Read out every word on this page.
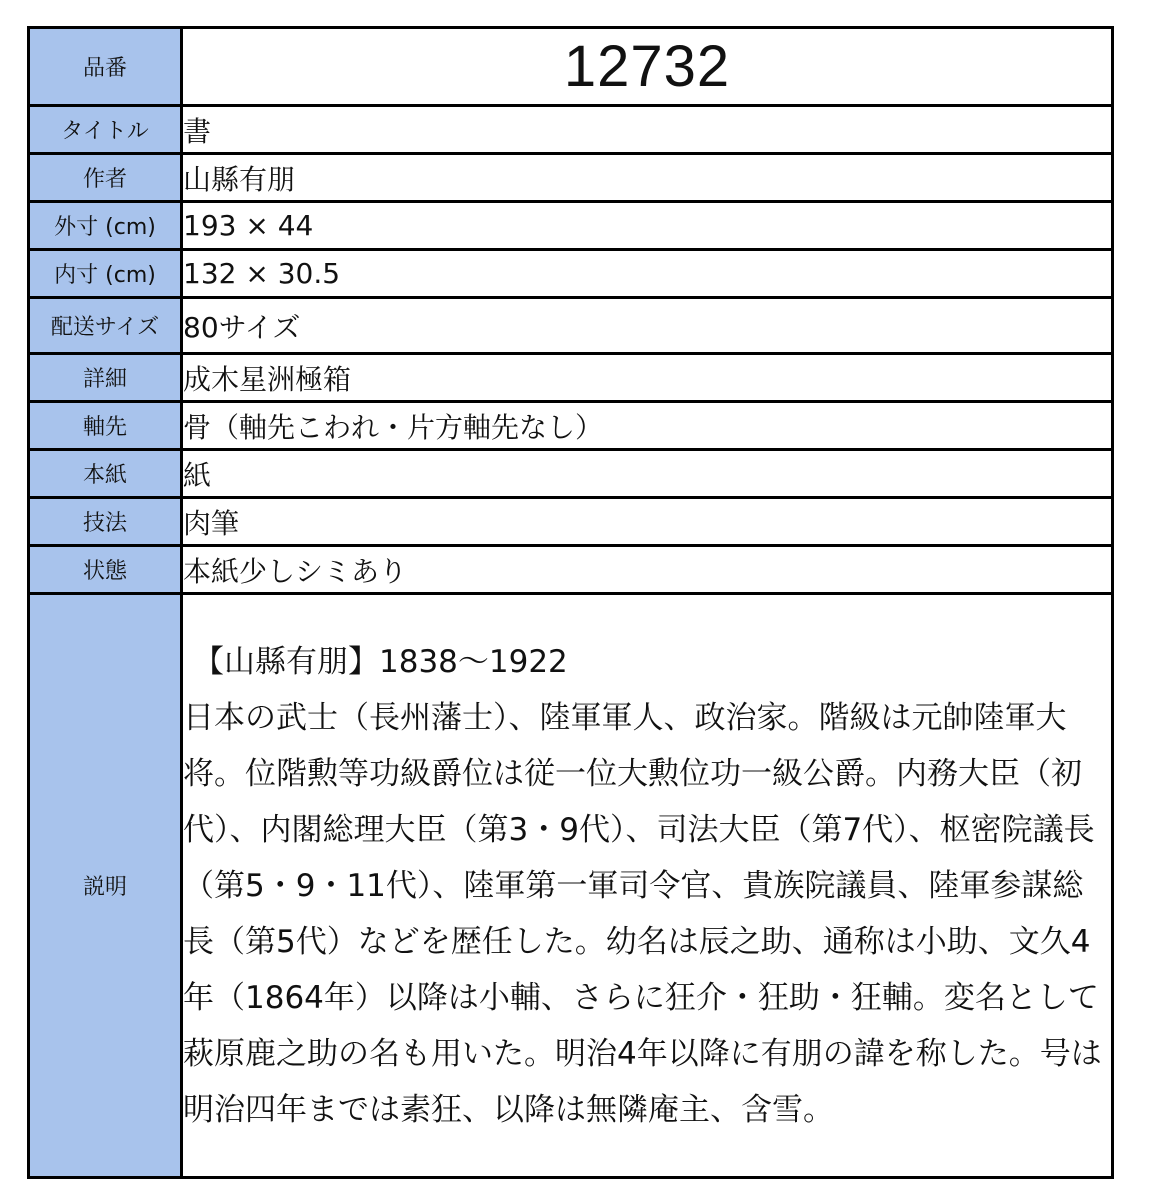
品番	12732
タイトル	書
作者	山縣有朋
外寸 (cm)	193 × 44
内寸 (cm)	132 × 30.5
配送サイズ	80サイズ
詳細	成木星洲極箱
軸先	骨（軸先こわれ・片方軸先なし）
本紙	紙
技法	肉筆
状態	本紙少しシミあり
説明	【山縣有朋】1838〜1922

日本の武士（長州藩士）、陸軍軍人、政治家。階級は元帥陸軍大将。位階勲等功級爵位は従一位大勲位功一級公爵。内務大臣（初代）、内閣総理大臣（第3・9代）、司法大臣（第7代）、枢密院議長（第5・9・11代）、陸軍第一軍司令官、貴族院議員、陸軍参謀総長（第5代）などを歴任した。幼名は辰之助、通称は小助、文久4年（1864年）以降は小輔、さらに狂介・狂助・狂輔。変名として萩原鹿之助の名も用いた。明治4年以降に有朋の諱を称した。号は明治四年までは素狂、以降は無隣庵主、含雪。
